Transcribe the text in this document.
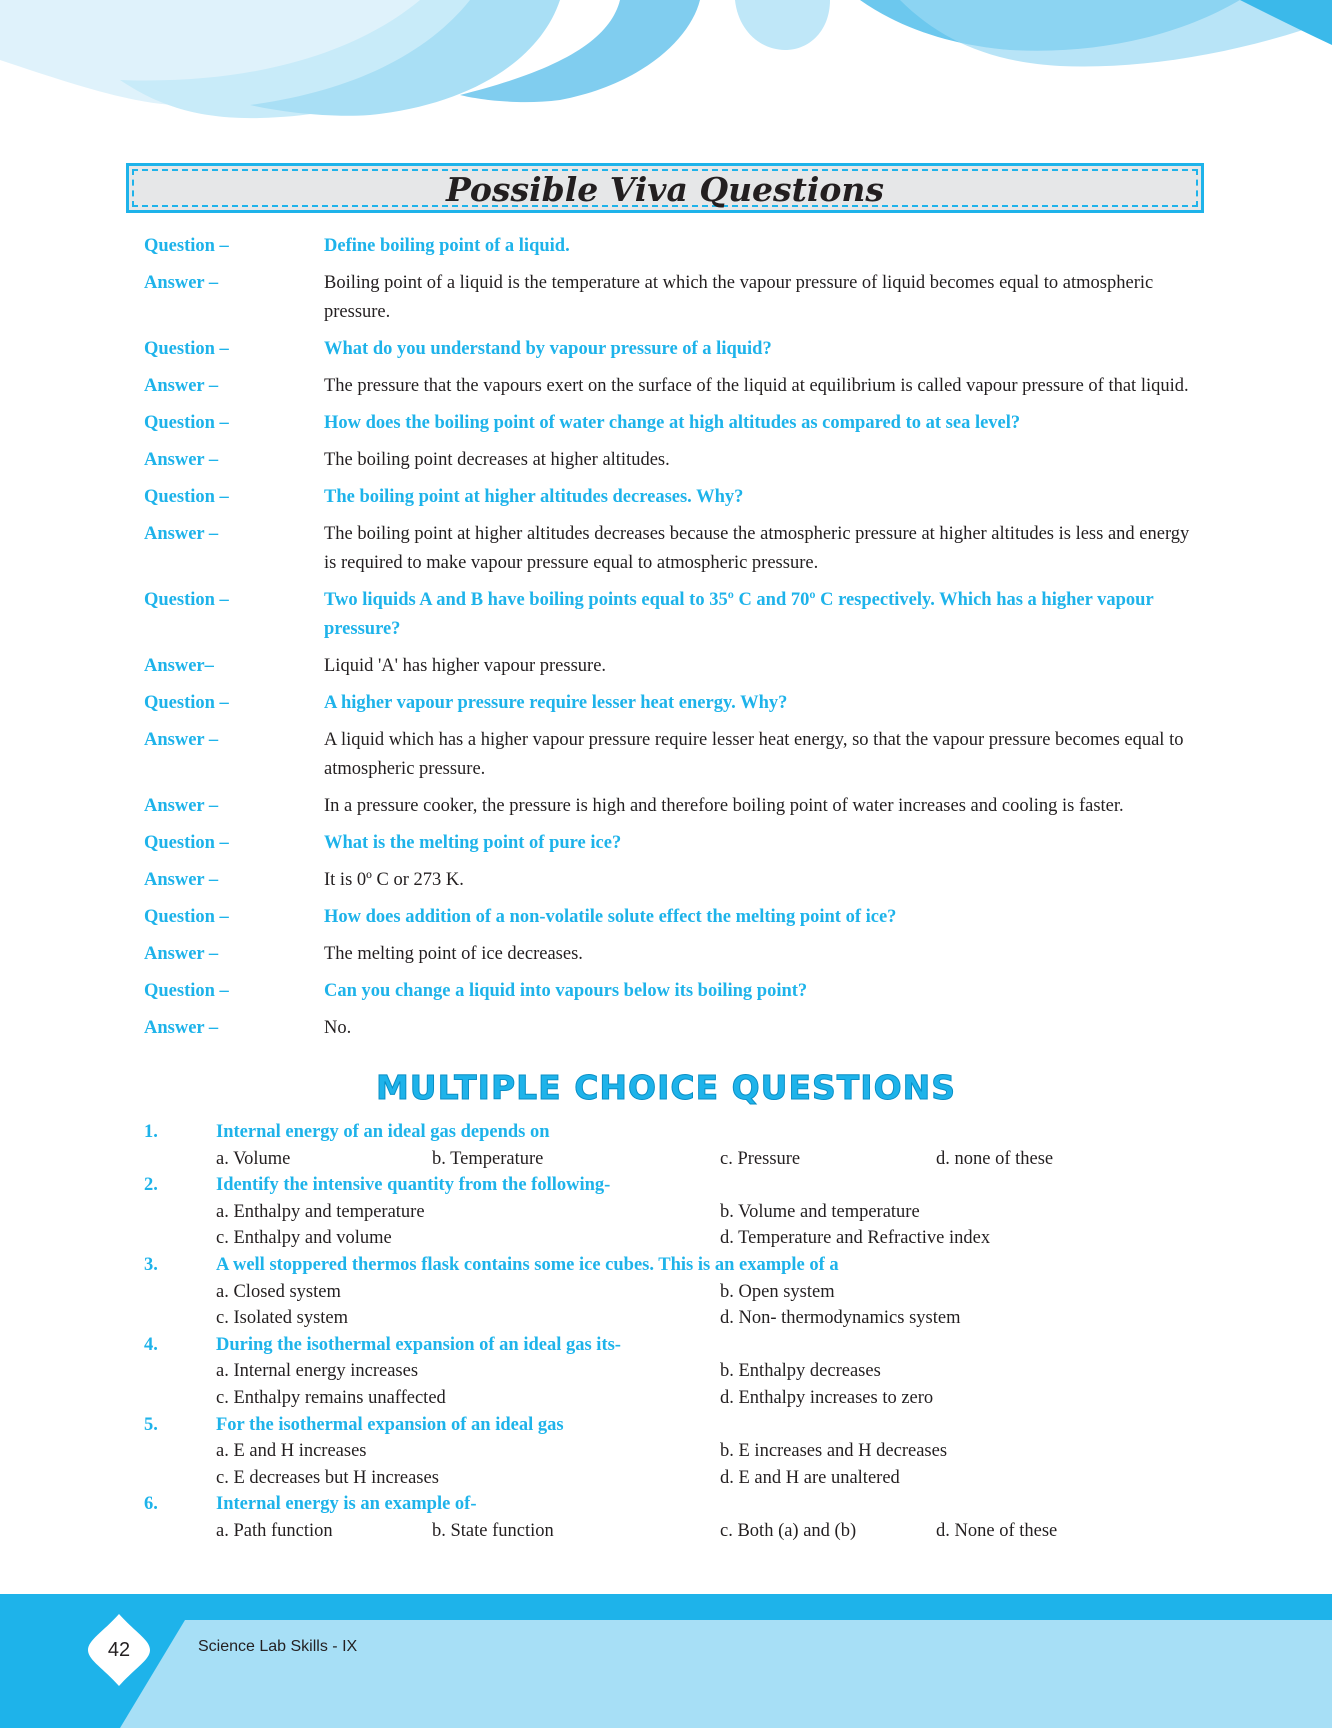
Possible Viva Questions
Question –	Define boiling point of a liquid.
Answer –	Boiling point of a liquid is the temperature at which the vapour pressure of liquid becomes equal to atmospheric pressure.
Question –	What do you understand by vapour pressure of a liquid?
Answer –	The pressure that the vapours exert on the surface of the liquid at equilibrium is called vapour pressure of that liquid.
Question –	How does the boiling point of water change at high altitudes as compared to at sea level?
Answer –	The boiling point decreases at higher altitudes.
Question –	The boiling point at higher altitudes decreases. Why?
Answer –	The boiling point at higher altitudes decreases because the atmospheric pressure at higher altitudes is less and energy is required to make vapour pressure equal to atmospheric pressure.
Question –	Two liquids A and B have boiling points equal to 35º C and 70º C respectively. Which has a higher vapour pressure?
Answer–	Liquid 'A' has higher vapour pressure.
Question –	A higher vapour pressure require lesser heat energy. Why?
Answer –	A liquid which has a higher vapour pressure require lesser heat energy, so that the vapour pressure becomes equal to atmospheric pressure.
Answer –	In a pressure cooker, the pressure is high and therefore boiling point of water increases and cooling is faster.
Question –	What is the melting point of pure ice?
Answer –	It is 0º C or 273 K.
Question –	How does addition of a non-volatile solute effect the melting point of ice?
Answer –	The melting point of ice decreases.
Question –	Can you change a liquid into vapours below its boiling point?
Answer –	No.
MULTIPLE CHOICE QUESTIONS
1.	Internal energy of an ideal gas depends on
a. Volume	b. Temperature	c. Pressure	d. none of these
2.	Identify the intensive quantity from the following-
a. Enthalpy and temperature	b. Volume and temperature
c. Enthalpy and volume	d. Temperature and Refractive index
3.	A well stoppered thermos flask contains some ice cubes. This is an example of a
a. Closed system	b. Open system
c. Isolated system	d. Non- thermodynamics system
4.	During the isothermal expansion of an ideal gas its-
a. Internal energy increases	b. Enthalpy decreases
c. Enthalpy remains unaffected	d. Enthalpy increases to zero
5.	For the isothermal expansion of an ideal gas
a. E and H increases	b. E increases and H decreases
c. E decreases but H increases	d. E and H are unaltered
6.	Internal energy is an example of-
a. Path function	b. State function	c. Both (a) and (b)	d. None of these
42	Science Lab Skills - IX
